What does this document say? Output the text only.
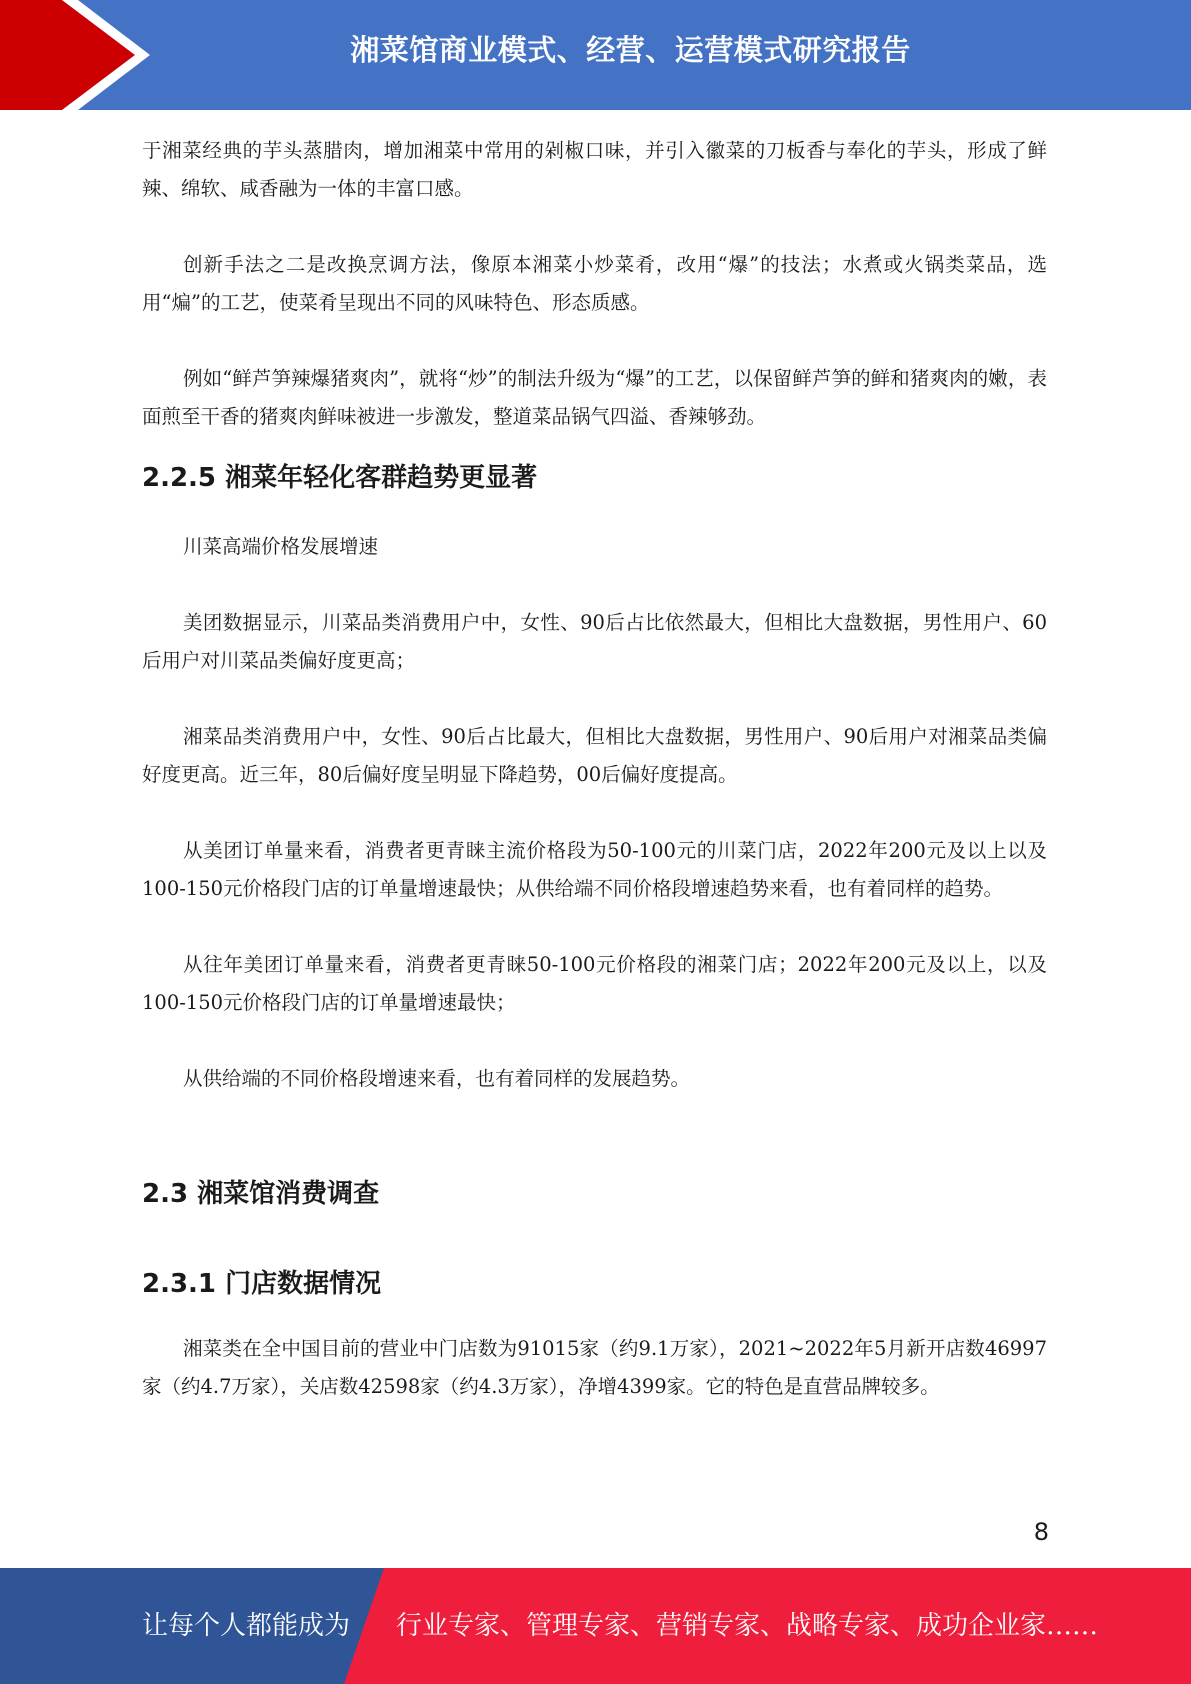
湘菜馆商业模式、经营、运营模式研究报告

于湘菜经典的芋头蒸腊肉，增加湘菜中常用的剁椒口味，并引入徽菜的刀板香与奉化的芋头，形成了鲜辣、绵软、咸香融为一体的丰富口感。

创新手法之二是改换烹调方法，像原本湘菜小炒菜肴，改用“爆”的技法；水煮或火锅类菜品，选用“煸”的工艺，使菜肴呈现出不同的风味特色、形态质感。

例如“鲜芦笋辣爆猪爽肉”，就将“炒”的制法升级为“爆”的工艺，以保留鲜芦笋的鲜和猪爽肉的嫩，表面煎至干香的猪爽肉鲜味被进一步激发，整道菜品锅气四溢、香辣够劲。

2.2.5 湘菜年轻化客群趋势更显著

川菜高端价格发展增速

美团数据显示，川菜品类消费用户中，女性、90后占比依然最大，但相比大盘数据，男性用户、60后用户对川菜品类偏好度更高；

湘菜品类消费用户中，女性、90后占比最大，但相比大盘数据，男性用户、90后用户对湘菜品类偏好度更高。近三年，80后偏好度呈明显下降趋势，00后偏好度提高。

从美团订单量来看，消费者更青睐主流价格段为50-100元的川菜门店，2022年200元及以上以及100-150元价格段门店的订单量增速最快；从供给端不同价格段增速趋势来看，也有着同样的趋势。

从往年美团订单量来看，消费者更青睐50-100元价格段的湘菜门店；2022年200元及以上，以及100-150元价格段门店的订单量增速最快；

从供给端的不同价格段增速来看，也有着同样的发展趋势。

2.3 湘菜馆消费调查
2.3.1 门店数据情况

湘菜类在全中国目前的营业中门店数为91015家（约9.1万家），2021~2022年5月新开店数46997家（约4.7万家），关店数42598家（约4.3万家），净增4399家。它的特色是直营品牌较多。

8
让每个人都能成为 行业专家、管理专家、营销专家、战略专家、成功企业家……
